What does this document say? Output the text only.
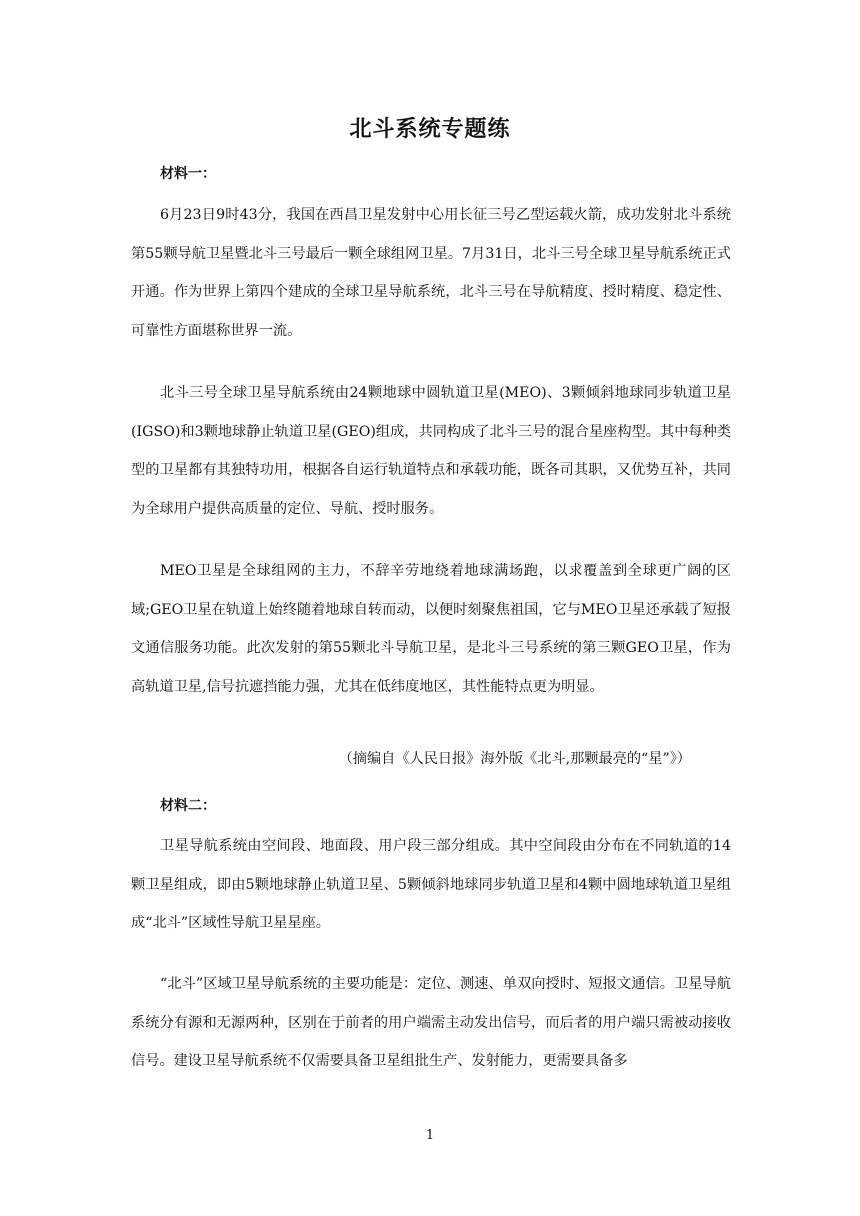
北斗系统专题练
材料一：

6月23日9时43分，我国在西昌卫星发射中心用长征三号乙型运载火箭，成功发射北斗系统第55颗导航卫星暨北斗三号最后一颗全球组网卫星。7月31日，北斗三号全球卫星导航系统正式开通。作为世界上第四个建成的全球卫星导航系统，北斗三号在导航精度、授时精度、稳定性、可靠性方面堪称世界一流。

北斗三号全球卫星导航系统由24颗地球中圆轨道卫星(MEO)、3颗倾斜地球同步轨道卫星(IGSO)和3颗地球静止轨道卫星(GEO)组成，共同构成了北斗三号的混合星座构型。其中每种类型的卫星都有其独特功用，根据各自运行轨道特点和承载功能，既各司其职，又优势互补，共同为全球用户提供高质量的定位、导航、授时服务。

MEO卫星是全球组网的主力，不辞辛劳地绕着地球满场跑，以求覆盖到全球更广阔的区域;GEO卫星在轨道上始终随着地球自转而动，以便时刻聚焦祖国，它与MEO卫星还承载了短报文通信服务功能。此次发射的第55颗北斗导航卫星，是北斗三号系统的第三颗GEO卫星，作为高轨道卫星,信号抗遮挡能力强，尤其在低纬度地区，其性能特点更为明显。

（摘编自《人民日报》海外版《北斗,那颗最亮的“星”》）
材料二：

卫星导航系统由空间段、地面段、用户段三部分组成。其中空间段由分布在不同轨道的14颗卫星组成，即由5颗地球静止轨道卫星、5颗倾斜地球同步轨道卫星和4颗中圆地球轨道卫星组成“北斗”区域性导航卫星星座。

“北斗”区域卫星导航系统的主要功能是：定位、测速、单双向授时、短报文通信。卫星导航系统分有源和无源两种，区别在于前者的用户端需主动发出信号，而后者的用户端只需被动接收信号。建设卫星导航系统不仅需要具备卫星组批生产、发射能力，更需要具备多

1
